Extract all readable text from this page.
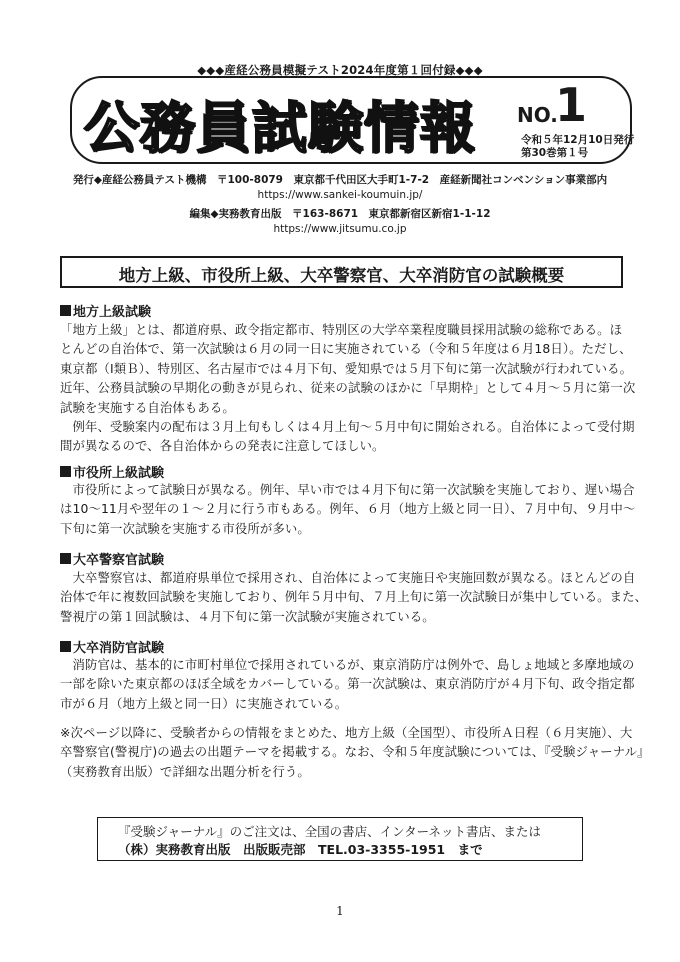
◆◆◆産経公務員模擬テスト2024年度第１回付録◆◆◆
公務員試験情報 NO.
1
令和５年12月10日発行
第30巻第１号
発行◆産経公務員テスト機構　〒100-8079　東京都千代田区大手町1-7-2　産経新聞社コンベンション事業部内
https://www.sankei-koumuin.jp/
編集◆実務教育出版　〒163-8671　東京都新宿区新宿1-1-12
https://www.jitsumu.co.jp
地方上級、市役所上級、大卒警察官、大卒消防官の試験概要
地方上級試験
「地方上級」とは、都道府県、政令指定都市、特別区の大学卒業程度職員採用試験の総称である。ほ
とんどの自治体で、第一次試験は６月の同一日に実施されている（令和５年度は６月18日）。ただし、
東京都（Ⅰ類Ｂ）、特別区、名古屋市では４月下旬、愛知県では５月下旬に第一次試験が行われている。
近年、公務員試験の早期化の動きが見られ、従来の試験のほかに「早期枠」として４月～５月に第一次
試験を実施する自治体もある。
　例年、受験案内の配布は３月上旬もしくは４月上旬～５月中旬に開始される。自治体によって受付期
間が異なるので、各自治体からの発表に注意してほしい。
市役所上級試験
　市役所によって試験日が異なる。例年、早い市では４月下旬に第一次試験を実施しており、遅い場合
は10～11月や翌年の１～２月に行う市もある。例年、６月（地方上級と同一日）、７月中旬、９月中～
下旬に第一次試験を実施する市役所が多い。
大卒警察官試験
　大卒警察官は、都道府県単位で採用され、自治体によって実施日や実施回数が異なる。ほとんどの自
治体で年に複数回試験を実施しており、例年５月中旬、７月上旬に第一次試験日が集中している。また、
警視庁の第１回試験は、４月下旬に第一次試験が実施されている。
大卒消防官試験
　消防官は、基本的に市町村単位で採用されているが、東京消防庁は例外で、島しょ地域と多摩地域の
一部を除いた東京都のほぼ全域をカバーしている。第一次試験は、東京消防庁が４月下旬、政令指定都
市が６月（地方上級と同一日）に実施されている。
※次ページ以降に、受験者からの情報をまとめた、地方上級（全国型）、市役所Ａ日程（６月実施）、大
卒警察官(警視庁)の過去の出題テーマを掲載する。なお、令和５年度試験については、『受験ジャーナル』
（実務教育出版）で詳細な出題分析を行う。
『受験ジャーナル』のご注文は、全国の書店、インターネット書店、または
（株）実務教育出版　出版販売部　TEL.03-3355-1951　まで
1
